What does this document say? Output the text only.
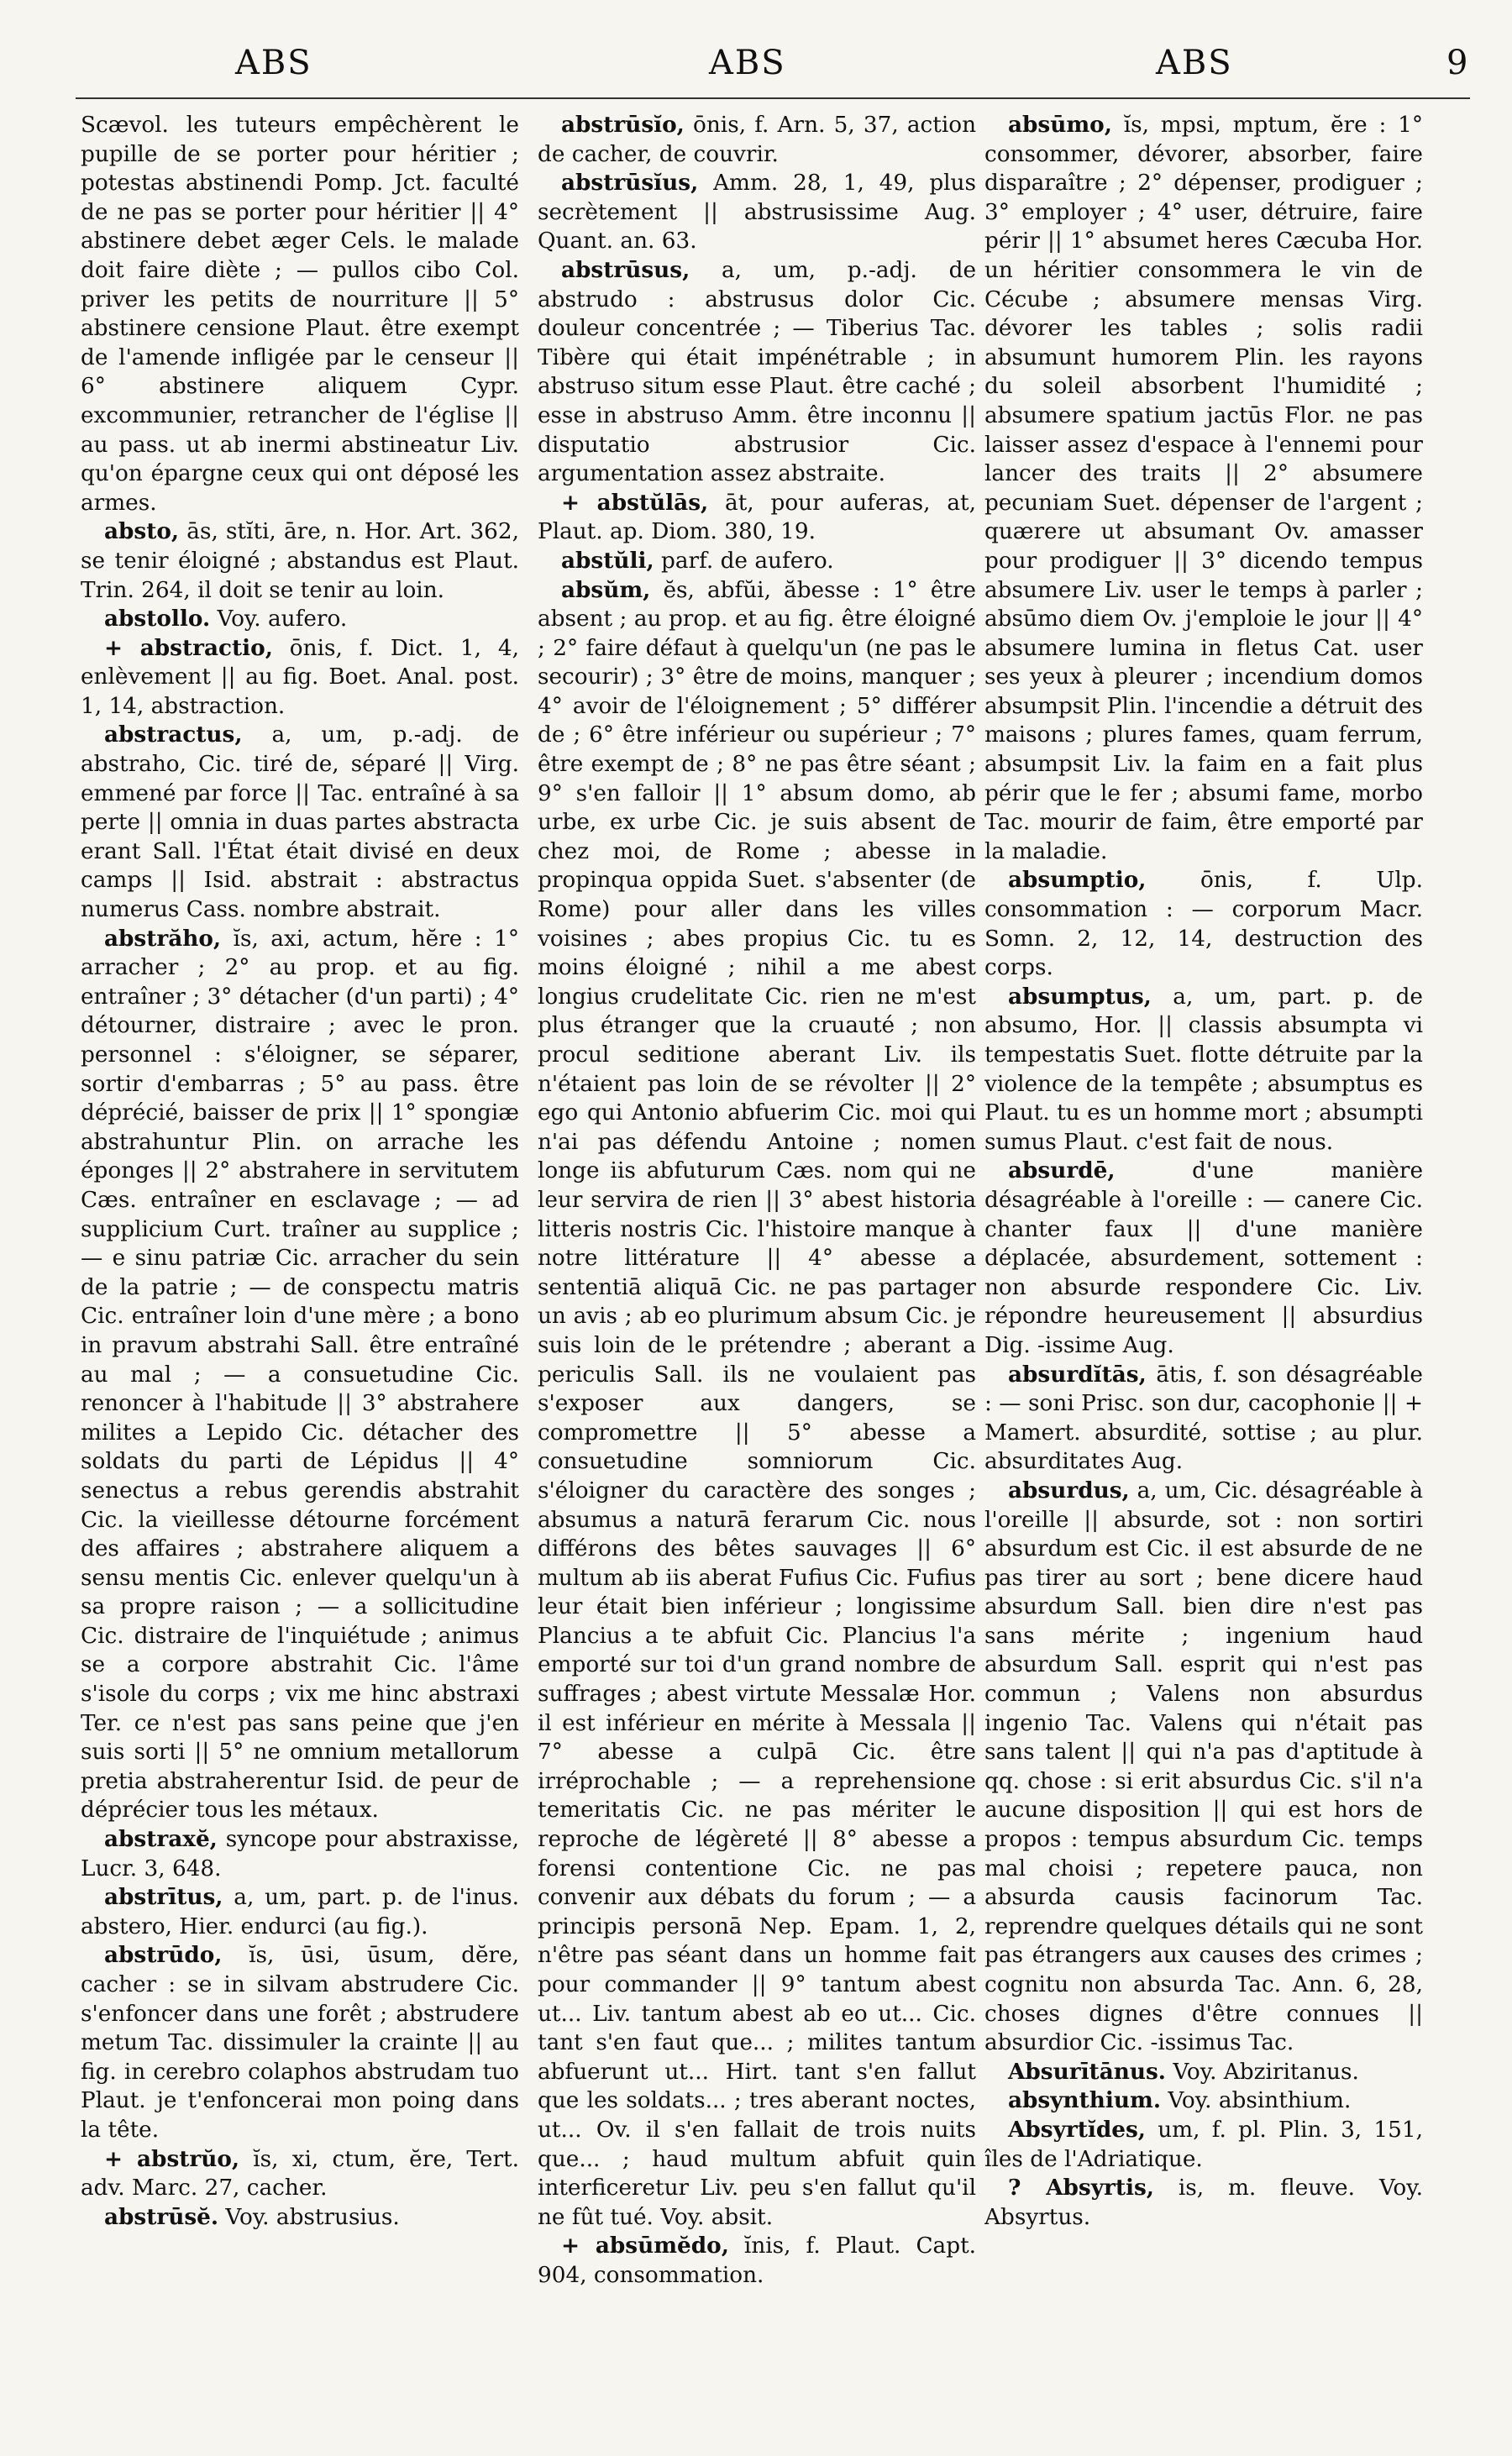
ABS	ABS	ABS	9

Scævol. les tuteurs empêchèrent le pupille de se porter pour héritier ; potestas abstinendi Pomp. Jct. faculté de ne pas se porter pour héritier || 4° abstinere debet æger Cels. le malade doit faire diète ; — pullos cibo Col. priver les petits de nourriture || 5° abstinere censione Plaut. être exempt de l'amende infligée par le censeur || 6° abstinere aliquem Cypr. excommunier, retrancher de l'église || au pass. ut ab inermi abstineatur Liv. qu'on épargne ceux qui ont déposé les armes.

absto, ās, stĭti, āre, n. Hor. Art. 362, se tenir éloigné ; abstandus est Plaut. Trin. 264, il doit se tenir au loin.

abstollo. Voy. aufero.

+ abstractio, ōnis, f. Dict. 1, 4, enlèvement || au fig. Boet. Anal. post. 1, 14, abstraction.

abstractus, a, um, p.-adj. de abstraho, Cic. tiré de, séparé || Virg. emmené par force || Tac. entraîné à sa perte || omnia in duas partes abstracta erant Sall. l'État était divisé en deux camps || Isid. abstrait : abstractus numerus Cass. nombre abstrait.

abstrăho, ĭs, axi, actum, hĕre : 1° arracher ; 2° au prop. et au fig. entraîner ; 3° détacher (d'un parti) ; 4° détourner, distraire ; avec le pron. personnel : s'éloigner, se séparer, sortir d'embarras ; 5° au pass. être déprécié, baisser de prix || 1° spongiæ abstrahuntur Plin. on arrache les éponges || 2° abstrahere in servitutem Cæs. entraîner en esclavage ; — ad supplicium Curt. traîner au supplice ; — e sinu patriæ Cic. arracher du sein de la patrie ; — de conspectu matris Cic. entraîner loin d'une mère ; a bono in pravum abstrahi Sall. être entraîné au mal ; — a consuetudine Cic. renoncer à l'habitude || 3° abstrahere milites a Lepido Cic. détacher des soldats du parti de Lépidus || 4° senectus a rebus gerendis abstrahit Cic. la vieillesse détourne forcément des affaires ; abstrahere aliquem a sensu mentis Cic. enlever quelqu'un à sa propre raison ; — a sollicitudine Cic. distraire de l'inquiétude ; animus se a corpore abstrahit Cic. l'âme s'isole du corps ; vix me hinc abstraxi Ter. ce n'est pas sans peine que j'en suis sorti || 5° ne omnium metallorum pretia abstraherentur Isid. de peur de déprécier tous les métaux.

abstraxĕ, syncope pour abstraxisse, Lucr. 3, 648.

abstrītus, a, um, part. p. de l'inus. abstero, Hier. endurci (au fig.).

abstrūdo, ĭs, ūsi, ūsum, dĕre, cacher : se in silvam abstrudere Cic. s'enfoncer dans une forêt ; abstrudere metum Tac. dissimuler la crainte || au fig. in cerebro colaphos abstrudam tuo Plaut. je t'enfoncerai mon poing dans la tête.

+ abstrŭo, ĭs, xi, ctum, ĕre, Tert. adv. Marc. 27, cacher.

abstrūsĕ. Voy. abstrusius.

abstrūsĭo, ōnis, f. Arn. 5, 37, action de cacher, de couvrir.

abstrūsĭus, Amm. 28, 1, 49, plus secrètement || abstrusissime Aug. Quant. an. 63.

abstrūsus, a, um, p.-adj. de abstrudo : abstrusus dolor Cic. douleur concentrée ; — Tiberius Tac. Tibère qui était impénétrable ; in abstruso situm esse Plaut. être caché ; esse in abstruso Amm. être inconnu || disputatio abstrusior Cic. argumentation assez abstraite.

+ abstŭlās, āt, pour auferas, at, Plaut. ap. Diom. 380, 19.

abstŭli, parf. de aufero.

absŭm, ĕs, abfŭi, ăbesse : 1° être absent ; au prop. et au fig. être éloigné ; 2° faire défaut à quelqu'un (ne pas le secourir) ; 3° être de moins, manquer ; 4° avoir de l'éloignement ; 5° différer de ; 6° être inférieur ou supérieur ; 7° être exempt de ; 8° ne pas être séant ; 9° s'en falloir || 1° absum domo, ab urbe, ex urbe Cic. je suis absent de chez moi, de Rome ; abesse in propinqua oppida Suet. s'absenter (de Rome) pour aller dans les villes voisines ; abes propius Cic. tu es moins éloigné ; nihil a me abest longius crudelitate Cic. rien ne m'est plus étranger que la cruauté ; non procul seditione aberant Liv. ils n'étaient pas loin de se révolter || 2° ego qui Antonio abfuerim Cic. moi qui n'ai pas défendu Antoine ; nomen longe iis abfuturum Cæs. nom qui ne leur servira de rien || 3° abest historia litteris nostris Cic. l'histoire manque à notre littérature || 4° abesse a sententiā aliquā Cic. ne pas partager un avis ; ab eo plurimum absum Cic. je suis loin de le prétendre ; aberant a periculis Sall. ils ne voulaient pas s'exposer aux dangers, se compromettre || 5° abesse a consuetudine somniorum Cic. s'éloigner du caractère des songes ; absumus a naturā ferarum Cic. nous différons des bêtes sauvages || 6° multum ab iis aberat Fufius Cic. Fufius leur était bien inférieur ; longissime Plancius a te abfuit Cic. Plancius l'a emporté sur toi d'un grand nombre de suffrages ; abest virtute Messalæ Hor. il est inférieur en mérite à Messala || 7° abesse a culpā Cic. être irréprochable ; — a reprehensione temeritatis Cic. ne pas mériter le reproche de légèreté || 8° abesse a forensi contentione Cic. ne pas convenir aux débats du forum ; — a principis personā Nep. Epam. 1, 2, n'être pas séant dans un homme fait pour commander || 9° tantum abest ut... Liv. tantum abest ab eo ut... Cic. tant s'en faut que... ; milites tantum abfuerunt ut... Hirt. tant s'en fallut que les soldats... ; tres aberant noctes, ut... Ov. il s'en fallait de trois nuits que... ; haud multum abfuit quin interficeretur Liv. peu s'en fallut qu'il ne fût tué. Voy. absit.

+ absūmĕdo, ĭnis, f. Plaut. Capt. 904, consommation.

absūmo, ĭs, mpsi, mptum, ĕre : 1° consommer, dévorer, absorber, faire disparaître ; 2° dépenser, prodiguer ; 3° employer ; 4° user, détruire, faire périr || 1° absumet heres Cæcuba Hor. un héritier consommera le vin de Cécube ; absumere mensas Virg. dévorer les tables ; solis radii absumunt humorem Plin. les rayons du soleil absorbent l'humidité ; absumere spatium jactūs Flor. ne pas laisser assez d'espace à l'ennemi pour lancer des traits || 2° absumere pecuniam Suet. dépenser de l'argent ; quærere ut absumant Ov. amasser pour prodiguer || 3° dicendo tempus absumere Liv. user le temps à parler ; absūmo diem Ov. j'emploie le jour || 4° absumere lumina in fletus Cat. user ses yeux à pleurer ; incendium domos absumpsit Plin. l'incendie a détruit des maisons ; plures fames, quam ferrum, absumpsit Liv. la faim en a fait plus périr que le fer ; absumi fame, morbo Tac. mourir de faim, être emporté par la maladie.

absumptio, ōnis, f. Ulp. consommation : — corporum Macr. Somn. 2, 12, 14, destruction des corps.

absumptus, a, um, part. p. de absumo, Hor. || classis absumpta vi tempestatis Suet. flotte détruite par la violence de la tempête ; absumptus es Plaut. tu es un homme mort ; absumpti sumus Plaut. c'est fait de nous.

absurdē,	d'une manière désagréable à l'oreille : — canere Cic. chanter faux || d'une manière déplacée, absurdement, sottement : non absurde respondere Cic. Liv. répondre heureusement || absurdius Dig. -issime Aug.

absurdĭtās, ātis, f. son désagréable : — soni Prisc. son dur, cacophonie || + Mamert. absurdité, sottise ; au plur. absurditates Aug.

absurdus, a, um, Cic. désagréable à l'oreille || absurde, sot : non sortiri absurdum est Cic. il est absurde de ne pas tirer au sort ; bene dicere haud absurdum Sall. bien dire n'est pas sans mérite ; ingenium haud absurdum Sall. esprit qui n'est pas commun ; Valens non absurdus ingenio Tac. Valens qui n'était pas sans talent || qui n'a pas d'aptitude à qq. chose : si erit absurdus Cic. s'il n'a aucune disposition || qui est hors de propos : tempus absurdum Cic. temps mal choisi ; repetere pauca, non absurda causis facinorum Tac. reprendre quelques détails qui ne sont pas étrangers aux causes des crimes ; cognitu non absurda Tac. Ann. 6, 28, choses dignes d'être connues || absurdior Cic. -issimus Tac.

Absurītānus. Voy. Abziritanus.

absynthium. Voy. absinthium.

Absyrtĭdes, um, f. pl. Plin. 3, 151, îles de l'Adriatique.

? Absyrtis, is, m. fleuve. Voy. Absyrtus.
